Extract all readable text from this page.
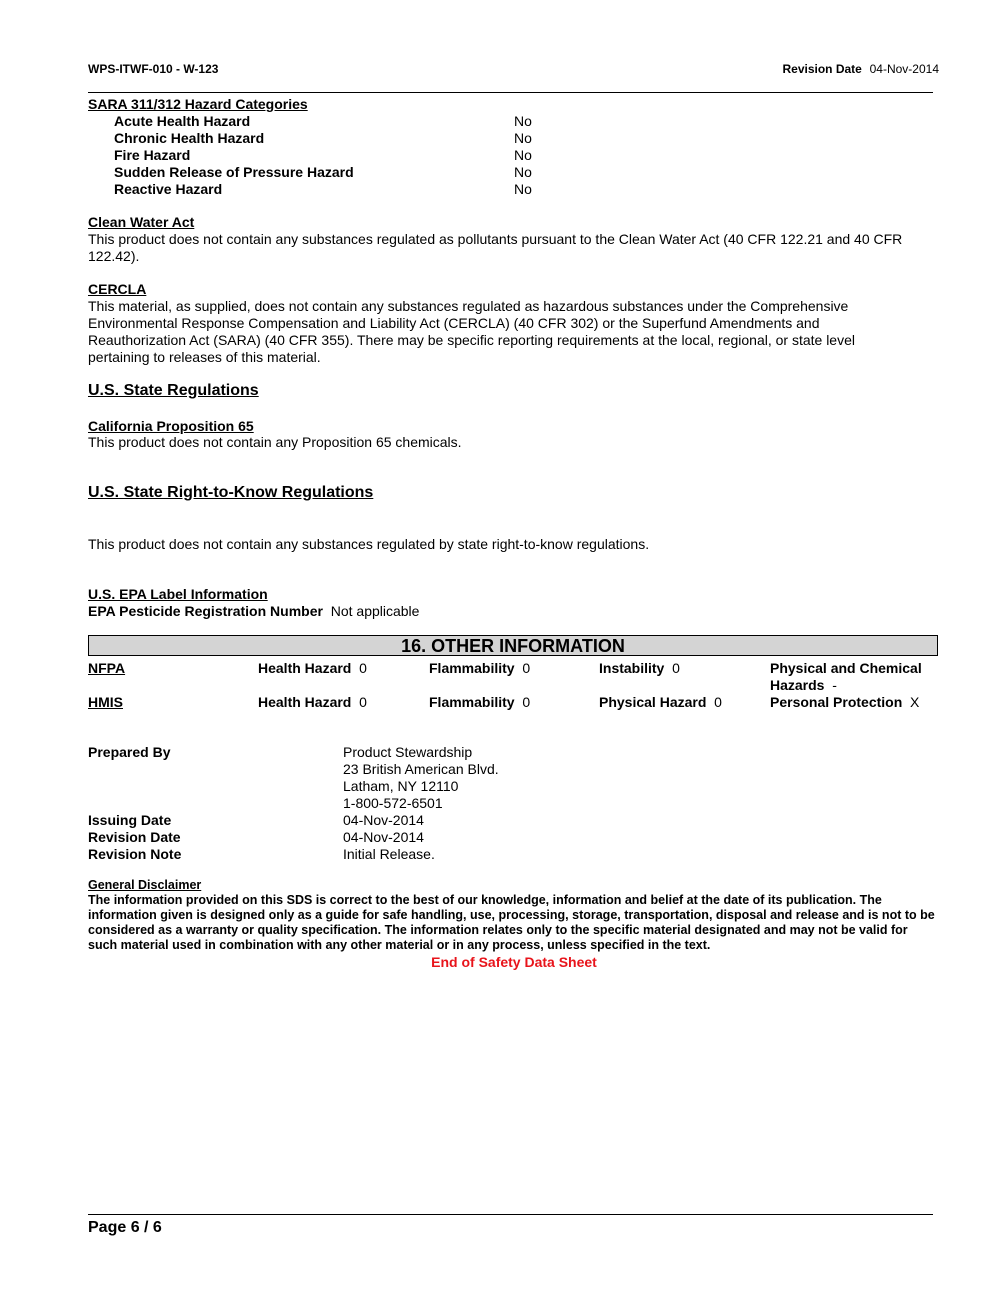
WPS-ITWF-010 - W-123	Revision Date 04-Nov-2014
SARA 311/312 Hazard Categories
Acute Health Hazard	No
Chronic Health Hazard	No
Fire Hazard	No
Sudden Release of Pressure Hazard	No
Reactive Hazard	No
Clean Water Act
This product does not contain any substances regulated as pollutants pursuant to the Clean Water Act (40 CFR 122.21 and 40 CFR 122.42).
CERCLA
This material, as supplied, does not contain any substances regulated as hazardous substances under the Comprehensive Environmental Response Compensation and Liability Act (CERCLA) (40 CFR 302) or the Superfund Amendments and Reauthorization Act (SARA) (40 CFR 355). There may be specific reporting requirements at the local, regional, or state level pertaining to releases of this material.
U.S. State Regulations
California Proposition 65
This product does not contain any Proposition 65 chemicals.
U.S. State Right-to-Know Regulations
This product does not contain any substances regulated by state right-to-know regulations.
U.S. EPA Label Information
EPA Pesticide Registration Number Not applicable
16. OTHER INFORMATION
NFPA	Health Hazard 0	Flammability 0	Instability 0	Physical and Chemical
Hazards -
HMIS	Health Hazard 0	Flammability 0	Physical Hazard 0	Personal Protection X
Prepared By	Product Stewardship
23 British American Blvd.
Latham, NY 12110
1-800-572-6501
Issuing Date	04-Nov-2014
Revision Date	04-Nov-2014
Revision Note	Initial Release.
General Disclaimer
The information provided on this SDS is correct to the best of our knowledge, information and belief at the date of its publication. The information given is designed only as a guide for safe handling, use, processing, storage, transportation, disposal and release and is not to be considered as a warranty or quality specification. The information relates only to the specific material designated and may not be valid for such material used in combination with any other material or in any process, unless specified in the text.
End of Safety Data Sheet
Page 6 / 6
